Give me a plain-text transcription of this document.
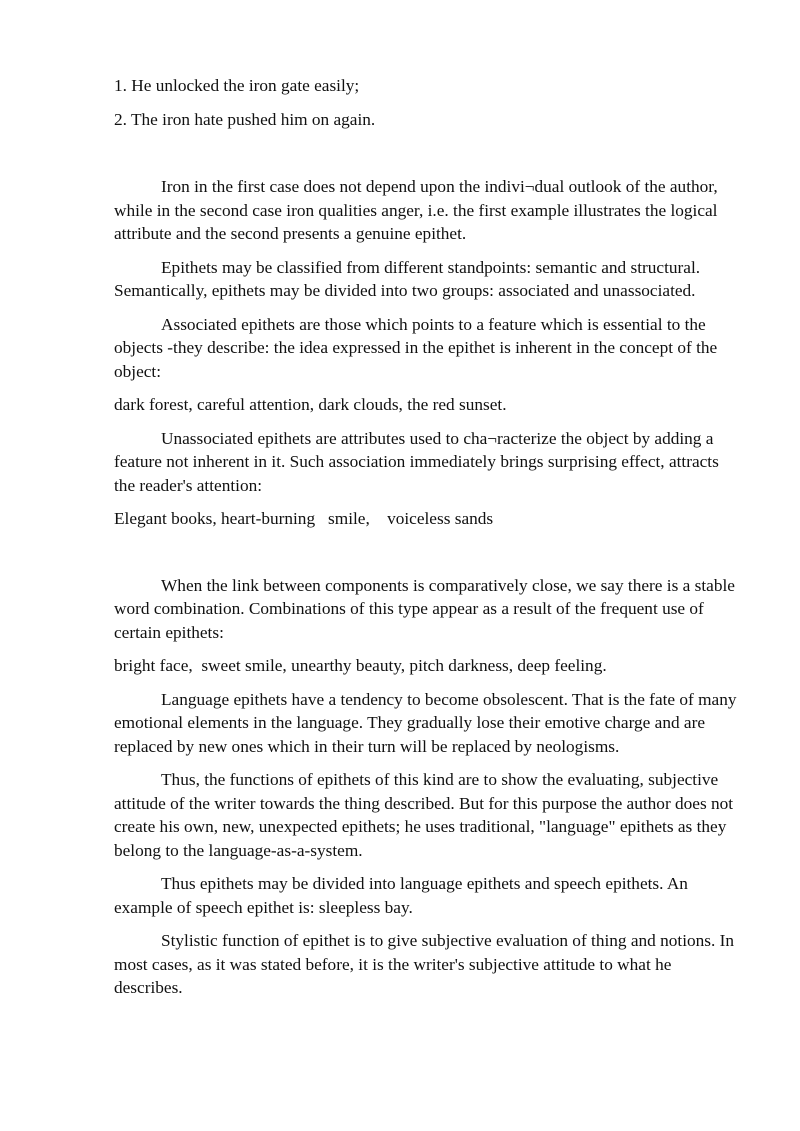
1. He unlocked the iron gate easily;

2. The iron hate pushed him on again.

Iron in the first case does not depend upon the indivi¬dual outlook of the author, while in the second case iron qualities anger, i.e. the first example illustrates the logical attribute and the second presents a genuine epithet.

Epithets may be classified from different standpoints: semantic and structural. Semantically, epithets may be divided into two groups: associated and unassociated.

Associated epithets are those which points to a feature which is essential to the objects -they describe: the idea expressed in the epithet is inherent in the concept of the object:

dark forest, careful attention, dark clouds, the red sunset.

Unassociated epithets are attributes used to cha¬racterize the object by adding a feature not inherent in it. Such association immediately brings surprising effect, attracts the reader's attention:

Elegant books, heart-burning   smile,    voiceless sands

When the link between components is comparatively close, we say there is a stable word combination. Combinations of this type appear as a result of the frequent use of certain epithets:

bright face,  sweet smile, unearthy beauty, pitch darkness, deep feeling.

Language epithets have a tendency to become obsolescent. That is the fate of many emotional elements in the language. They gradually lose their emotive charge and are replaced by new ones which in their turn will be replaced by neologisms.

Thus, the functions of epithets of this kind are to show the evaluating, subjective attitude of the writer towards the thing described. But for this purpose the author does not create his own, new, unexpected epithets; he uses traditional, "language" epithets as they belong to the language-as-a-system.

Thus epithets may be divided into language epithets and speech epithets. An example of speech epithet is: sleepless bay.

Stylistic function of epithet is to give subjective evaluation of thing and notions. In most cases, as it was stated before, it is the writer's subjective attitude to what he describes.
